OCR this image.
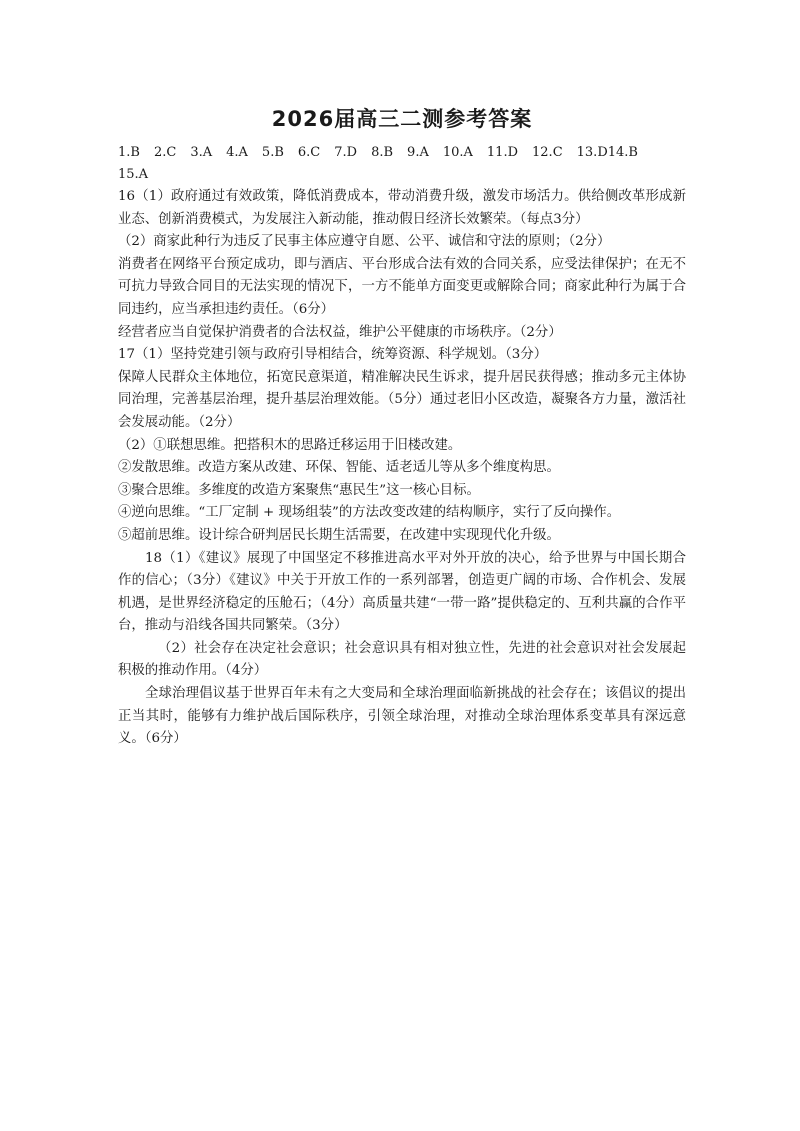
2026届高三二测参考答案
1.B 2.C 3.A 4.A 5.B 6.C 7.D 8.B 9.A 10.A 11.D 12.C 13.D 14.B
15.A

16（1）政府通过有效政策，降低消费成本，带动消费升级，激发市场活力。供给侧改革形成新业态、创新消费模式，为发展注入新动能，推动假日经济长效繁荣。（每点3分）

（2）商家此种行为违反了民事主体应遵守自愿、公平、诚信和守法的原则；（2分）

消费者在网络平台预定成功，即与酒店、平台形成合法有效的合同关系，应受法律保护；在无不可抗力导致合同目的无法实现的情况下，一方不能单方面变更或解除合同；商家此种行为属于合同违约，应当承担违约责任。（6分）

经营者应当自觉保护消费者的合法权益，维护公平健康的市场秩序。（2分）

17（1）坚持党建引领与政府引导相结合，统筹资源、科学规划。（3分）

保障人民群众主体地位，拓宽民意渠道，精准解决民生诉求，提升居民获得感；推动多元主体协同治理，完善基层治理，提升基层治理效能。（5分）通过老旧小区改造，凝聚各方力量，激活社会发展动能。（2分）

（2）①联想思维。把搭积木的思路迁移运用于旧楼改建。

②发散思维。改造方案从改建、环保、智能、适老适儿等从多个维度构思。

③聚合思维。多维度的改造方案聚焦“惠民生”这一核心目标。

④逆向思维。“工厂定制 + 现场组装”的方法改变改建的结构顺序，实行了反向操作。

⑤超前思维。设计综合研判居民长期生活需要，在改建中实现现代化升级。

18（1）《建议》展现了中国坚定不移推进高水平对外开放的决心，给予世界与中国长期合作的信心；（3分）《建议》中关于开放工作的一系列部署，创造更广阔的市场、合作机会、发展机遇，是世界经济稳定的压舱石；（4分）高质量共建“一带一路”提供稳定的、互利共赢的合作平台，推动与沿线各国共同繁荣。（3分）

（2）社会存在决定社会意识；社会意识具有相对独立性，先进的社会意识对社会发展起积极的推动作用。（4分）

全球治理倡议基于世界百年未有之大变局和全球治理面临新挑战的社会存在；该倡议的提出正当其时，能够有力维护战后国际秩序，引领全球治理，对推动全球治理体系变革具有深远意义。（6分）
